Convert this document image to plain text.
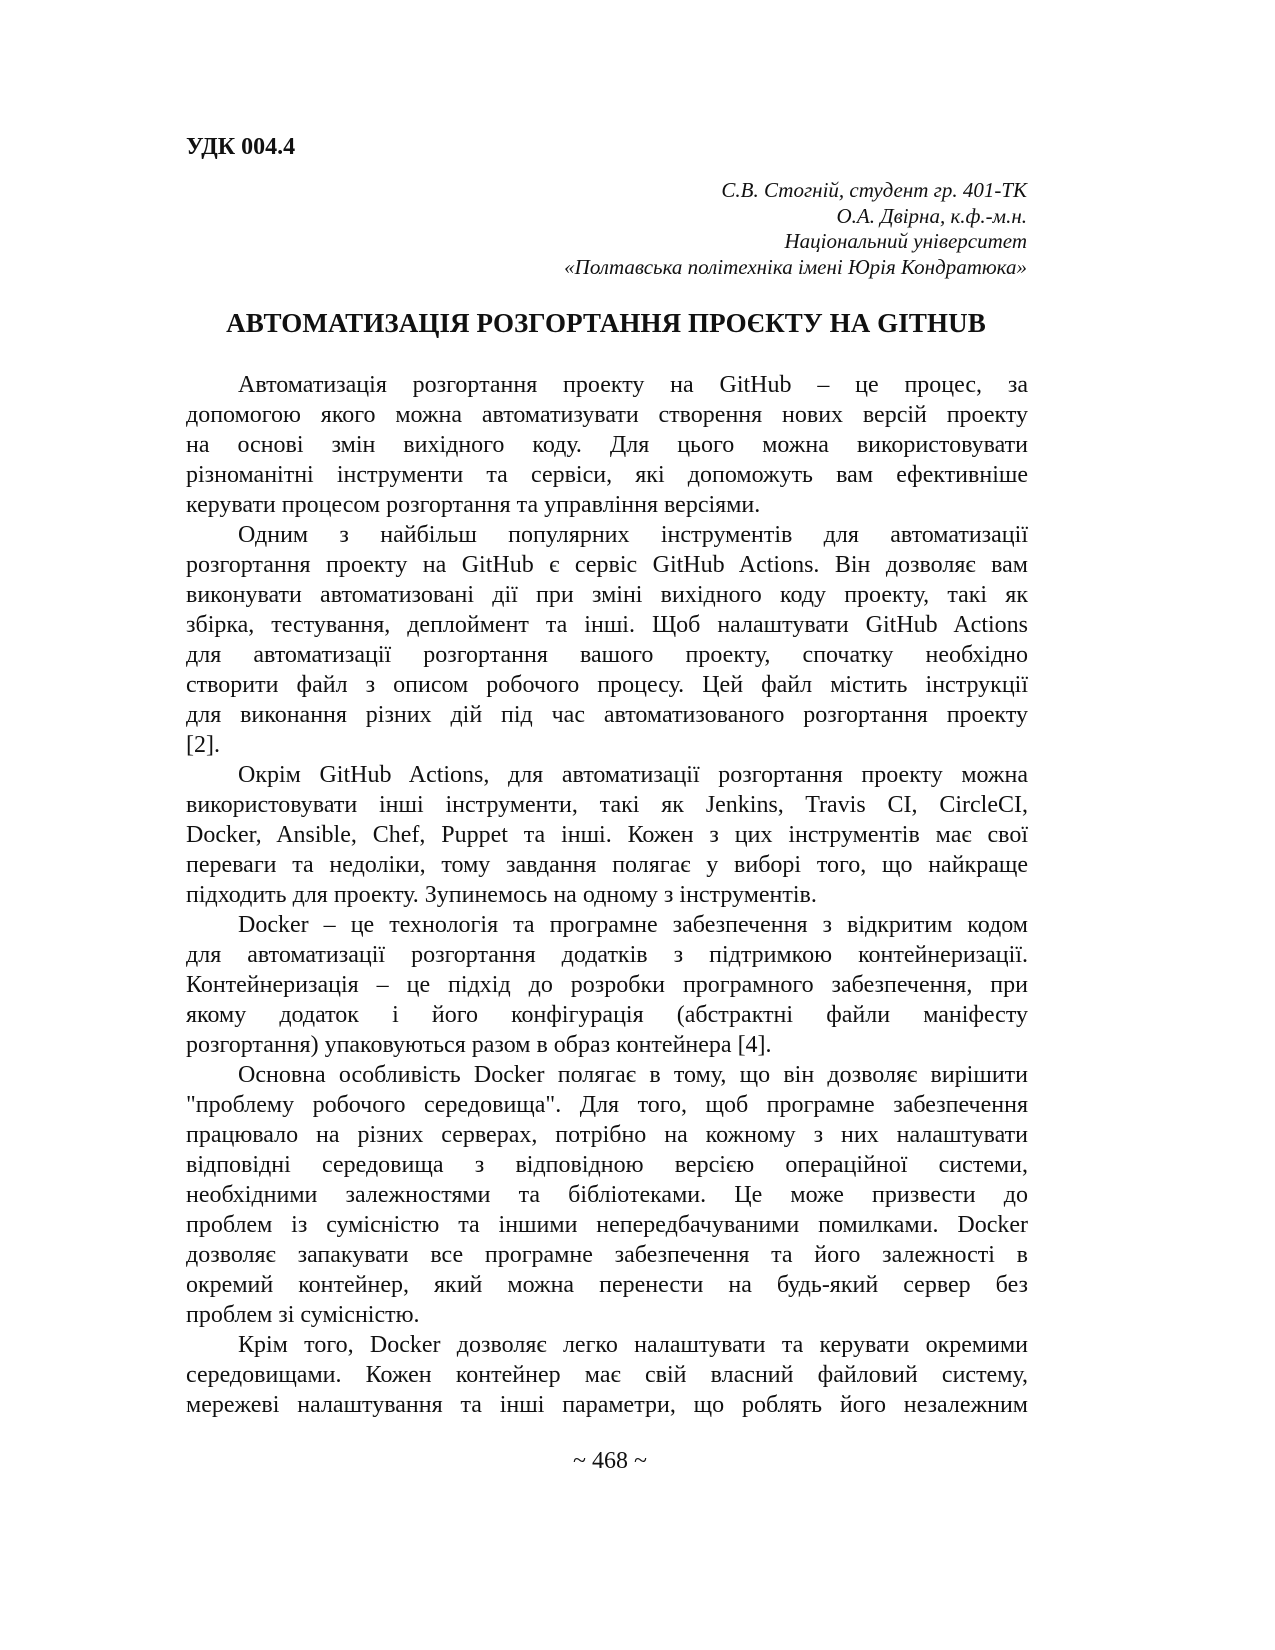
УДК 004.4
С.В. Стогній, студент гр. 401-ТК
О.А. Двірна, к.ф.-м.н.
Національний університет
«Полтавська політехніка імені Юрія Кондратюка»
АВТОМАТИЗАЦІЯ РОЗГОРТАННЯ ПРОЄКТУ НА GITHUB
Автоматизація розгортання проекту на GitHub – це процес, за
допомогою якого можна автоматизувати створення нових версій проекту
на основі змін вихідного коду. Для цього можна використовувати
різноманітні інструменти та сервіси, які допоможуть вам ефективніше
керувати процесом розгортання та управління версіями.
Одним з найбільш популярних інструментів для автоматизації
розгортання проекту на GitHub є сервіс GitHub Actions. Він дозволяє вам
виконувати автоматизовані дії при зміні вихідного коду проекту, такі як
збірка, тестування, деплоймент та інші. Щоб налаштувати GitHub Actions
для автоматизації розгортання вашого проекту, спочатку необхідно
створити файл з описом робочого процесу. Цей файл містить інструкції
для виконання різних дій під час автоматизованого розгортання проекту
[2].
Окрім GitHub Actions, для автоматизації розгортання проекту можна
використовувати інші інструменти, такі як Jenkins, Travis CI, CircleCI,
Docker, Ansible, Chef, Puppet та інші. Кожен з цих інструментів має свої
переваги та недоліки, тому завдання полягає у виборі того, що найкраще
підходить для проекту. Зупинемось на одному з інструментів.
Docker – це технологія та програмне забезпечення з відкритим кодом
для автоматизації розгортання додатків з підтримкою контейнеризації.
Контейнеризація – це підхід до розробки програмного забезпечення, при
якому додаток і його конфігурація (абстрактні файли маніфесту
розгортання) упаковуються разом в образ контейнера [4].
Основна особливість Docker полягає в тому, що він дозволяє вирішити
"проблему робочого середовища". Для того, щоб програмне забезпечення
працювало на різних серверах, потрібно на кожному з них налаштувати
відповідні середовища з відповідною версією операційної системи,
необхідними залежностями та бібліотеками. Це може призвести до
проблем із сумісністю та іншими непередбачуваними помилками. Docker
дозволяє запакувати все програмне забезпечення та його залежності в
окремий контейнер, який можна перенести на будь-який сервер без
проблем зі сумісністю.
Крім того, Docker дозволяє легко налаштувати та керувати окремими
середовищами. Кожен контейнер має свій власний файловий систему,
мережеві налаштування та інші параметри, що роблять його незалежним
~ 468 ~
